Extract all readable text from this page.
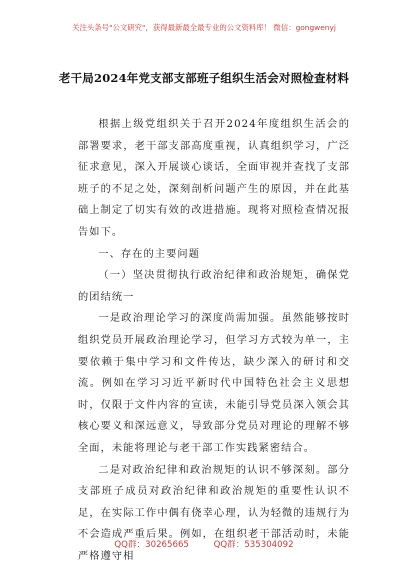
关注头条号"公文研究"，获得最新最全最专业的公文资料库！ 微信：gongwenyj
老干局2024年党支部支部班子组织生活会对照检查材料

根据上级党组织关于召开2024年度组织生活会的部署要求，老干部支部高度重视，认真组织学习，广泛征求意见，深入开展谈心谈话，全面审视并查找了支部班子的不足之处，深刻剖析问题产生的原因，并在此基础上制定了切实有效的改进措施。现将对照检查情况报告如下。

一、存在的主要问题

（一）坚决贯彻执行政治纪律和政治规矩，确保党的团结统一

一是政治理论学习的深度尚需加强。虽然能够按时组织党员开展政治理论学习，但学习方式较为单一，主要依赖于集中学习和文件传达，缺少深入的研讨和交流。例如在学习习近平新时代中国特色社会主义思想时，仅限于文件内容的宣读，未能引导党员深入领会其核心要义和深远意义，导致部分党员对理论的理解不够全面，未能将理论与老干部工作实践紧密结合。

二是对政治纪律和政治规矩的认识不够深刻。部分支部班子成员对政治纪律和政治规矩的重要性认识不足，在实际工作中偶有侥幸心理，认为轻微的违规行为不会造成严重后果。例如，在组织老干部活动时，未能严格遵守相

QQ群：30265665	QQ群：535304092
